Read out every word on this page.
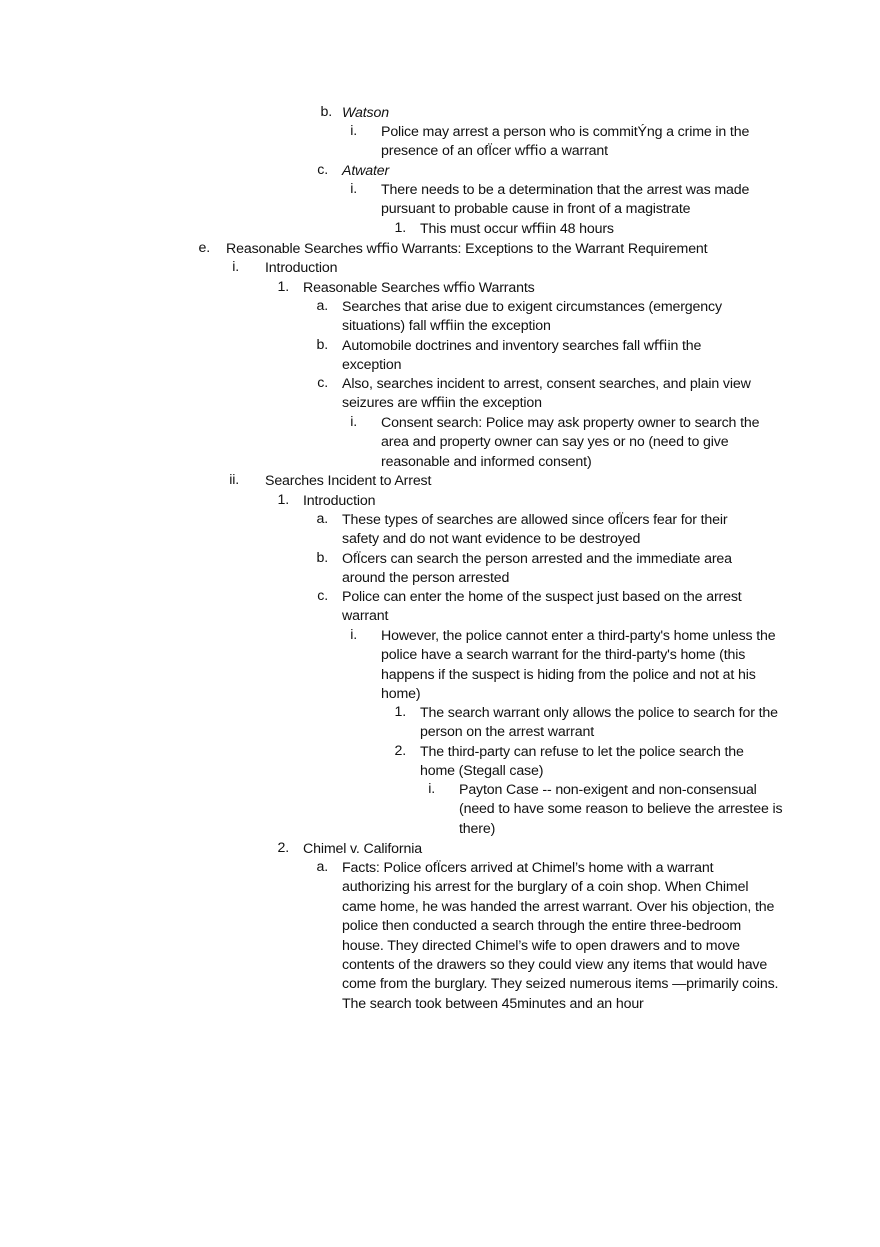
b. Watson
i. Police may arrest a person who is commitÝng a crime in the presence of an ofÏcer wﬃo a warrant
c. Atwater
i. There needs to be a determination that the arrest was made pursuant to probable cause in front of a magistrate
1. This must occur wﬃin 48 hours
e. Reasonable Searches wﬃo Warrants: Exceptions to the Warrant Requirement
i. Introduction
1. Reasonable Searches wﬃo Warrants
a. Searches that arise due to exigent circumstances (emergency situations) fall wﬃin the exception
b. Automobile doctrines and inventory searches fall wﬃin the exception
c. Also, searches incident to arrest, consent searches, and plain view seizures are wﬃin the exception
i. Consent search: Police may ask property owner to search the area and property owner can say yes or no (need to give reasonable and informed consent)
ii. Searches Incident to Arrest
1. Introduction
a. These types of searches are allowed since ofÏcers fear for their safety and do not want evidence to be destroyed
b. OfÏcers can search the person arrested and the immediate area around the person arrested
c. Police can enter the home of the suspect just based on the arrest warrant
i. However, the police cannot enter a third-party's home unless the police have a search warrant for the third-party's home (this happens if the suspect is hiding from the police and not at his home)
1. The search warrant only allows the police to search for the person on the arrest warrant
2. The third-party can refuse to let the police search the home (Stegall case)
i. Payton Case -- non-exigent and non-consensual (need to have some reason to believe the arrestee is there)
2. Chimel v. California
a. Facts: Police ofÏcers arrived at Chimel’s home with a warrant authorizing his arrest for the burglary of a coin shop. When Chimel came home, he was handed the arrest warrant. Over his objection, the police then conducted a search through the entire three-bedroom house. They directed Chimel’s wife to open drawers and to move contents of the drawers so they could view any items that would have come from the burglary. They seized numerous items —primarily coins. The search took between 45minutes and an hour
